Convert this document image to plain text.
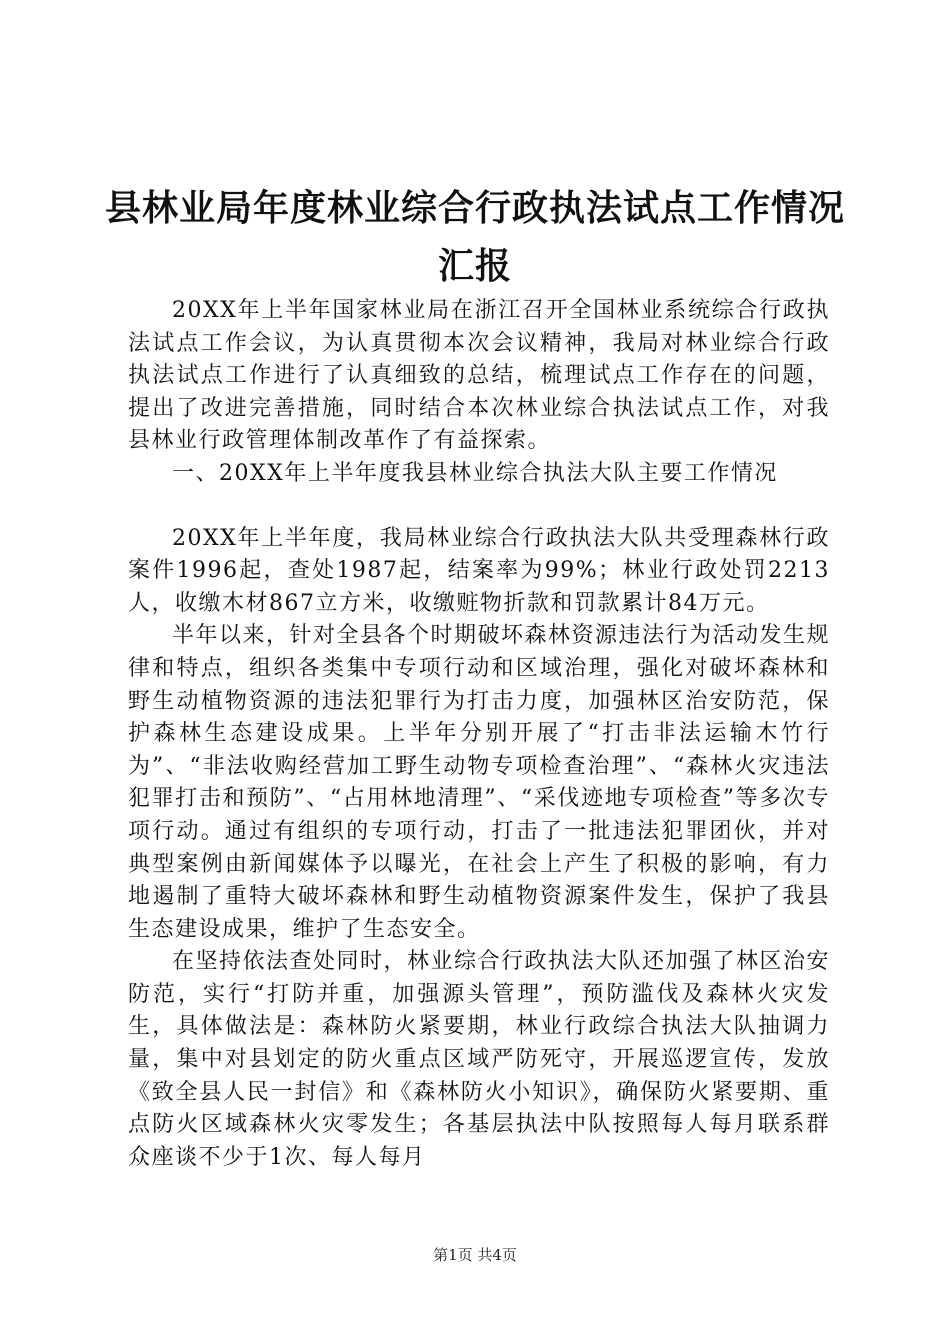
县林业局年度林业综合行政执法试点工作情况
汇报

20XX年上半年国家林业局在浙江召开全国林业系统综合行政执法试点工作会议，为认真贯彻本次会议精神，我局对林业综合行政执法试点工作进行了认真细致的总结，梳理试点工作存在的问题，提出了改进完善措施，同时结合本次林业综合执法试点工作，对我县林业行政管理体制改革作了有益探索。

一、20XX年上半年度我县林业综合执法大队主要工作情况

20XX年上半年度，我局林业综合行政执法大队共受理森林行政案件1996起，查处1987起，结案率为99%；林业行政处罚2213人，收缴木材867立方米，收缴赃物折款和罚款累计84万元。

半年以来，针对全县各个时期破坏森林资源违法行为活动发生规律和特点，组织各类集中专项行动和区域治理，强化对破坏森林和野生动植物资源的违法犯罪行为打击力度，加强林区治安防范，保护森林生态建设成果。上半年分别开展了“打击非法运输木竹行为”、“非法收购经营加工野生动物专项检查治理”、“森林火灾违法犯罪打击和预防”、“占用林地清理”、“采伐迹地专项检查”等多次专项行动。通过有组织的专项行动，打击了一批违法犯罪团伙，并对典型案例由新闻媒体予以曝光，在社会上产生了积极的影响，有力地遏制了重特大破坏森林和野生动植物资源案件发生，保护了我县生态建设成果，维护了生态安全。

在坚持依法查处同时，林业综合行政执法大队还加强了林区治安防范，实行“打防并重，加强源头管理”，预防滥伐及森林火灾发生，具体做法是：森林防火紧要期，林业行政综合执法大队抽调力量，集中对县划定的防火重点区域严防死守，开展巡逻宣传，发放《致全县人民一封信》和《森林防火小知识》，确保防火紧要期、重点防火区域森林火灾零发生；各基层执法中队按照每人每月联系群众座谈不少于1次、每人每月

第1页 共4页
